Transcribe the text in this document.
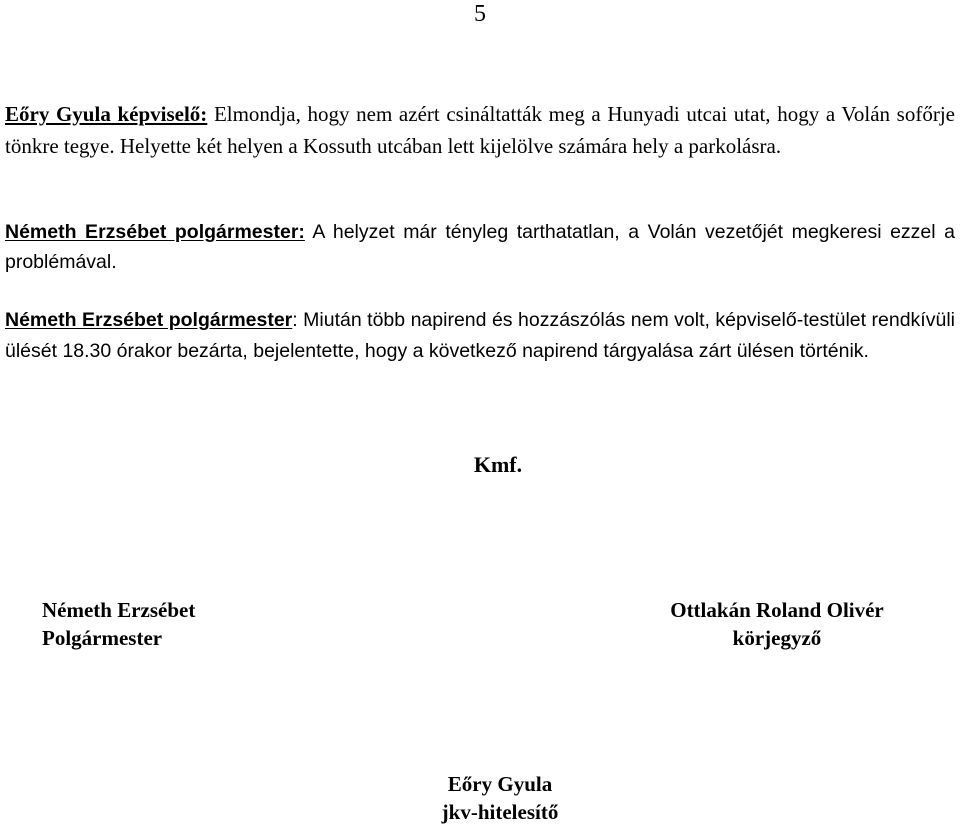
5

Eőry Gyula képviselő: Elmondja, hogy nem azért csináltatták meg a Hunyadi utcai utat, hogy a Volán sofőrje tönkre tegye. Helyette két helyen a Kossuth utcában lett kijelölve számára hely a parkolásra.

Németh Erzsébet polgármester: A helyzet már tényleg tarthatatlan, a Volán vezetőjét megkeresi ezzel a problémával.

Németh Erzsébet polgármester: Miután több napirend és hozzászólás nem volt, képviselő-testület rendkívüli ülését 18.30 órakor bezárta, bejelentette, hogy a következő napirend tárgyalása zárt ülésen történik.

Kmf.
Németh Erzsébet
Polgármester
Ottlakán Roland Olivér
körjegyző
Eőry Gyula
jkv-hitelesítő
